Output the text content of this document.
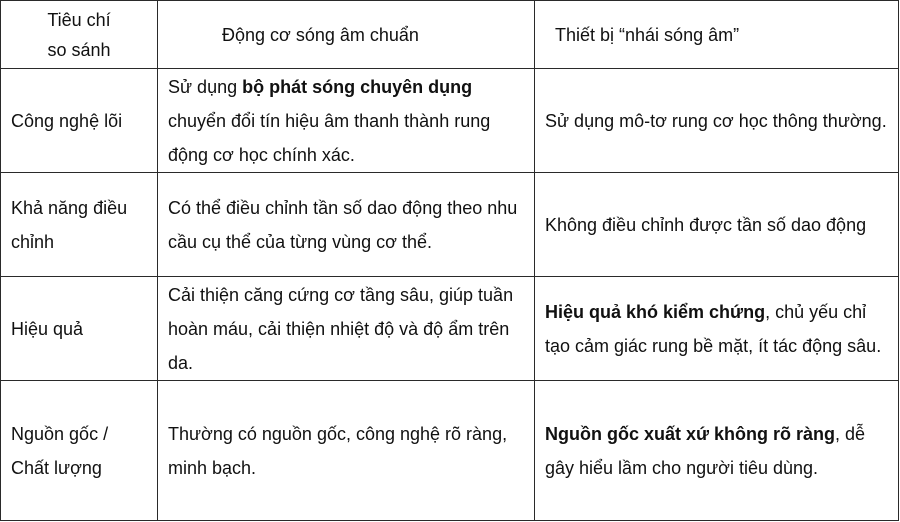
Tiêu chí
so sánh	Động cơ sóng âm chuẩn	Thiết bị “nhái sóng âm”
Công nghệ lõi	Sử dụng bộ phát sóng chuyên dụng chuyển đổi tín hiệu âm thanh thành rung động cơ học chính xác.	Sử dụng mô-tơ rung cơ học thông thường.
Khả năng điều chỉnh	Có thể điều chỉnh tần số dao động theo nhu cầu cụ thể của từng vùng cơ thể.	Không điều chỉnh được tần số dao động
Hiệu quả	Cải thiện căng cứng cơ tầng sâu, giúp tuần hoàn máu, cải thiện nhiệt độ và độ ẩm trên da.	Hiệu quả khó kiểm chứng, chủ yếu chỉ tạo cảm giác rung bề mặt, ít tác động sâu.
Nguồn gốc / Chất lượng	Thường có nguồn gốc, công nghệ rõ ràng, minh bạch.	Nguồn gốc xuất xứ không rõ ràng, dễ gây hiểu lầm cho người tiêu dùng.
